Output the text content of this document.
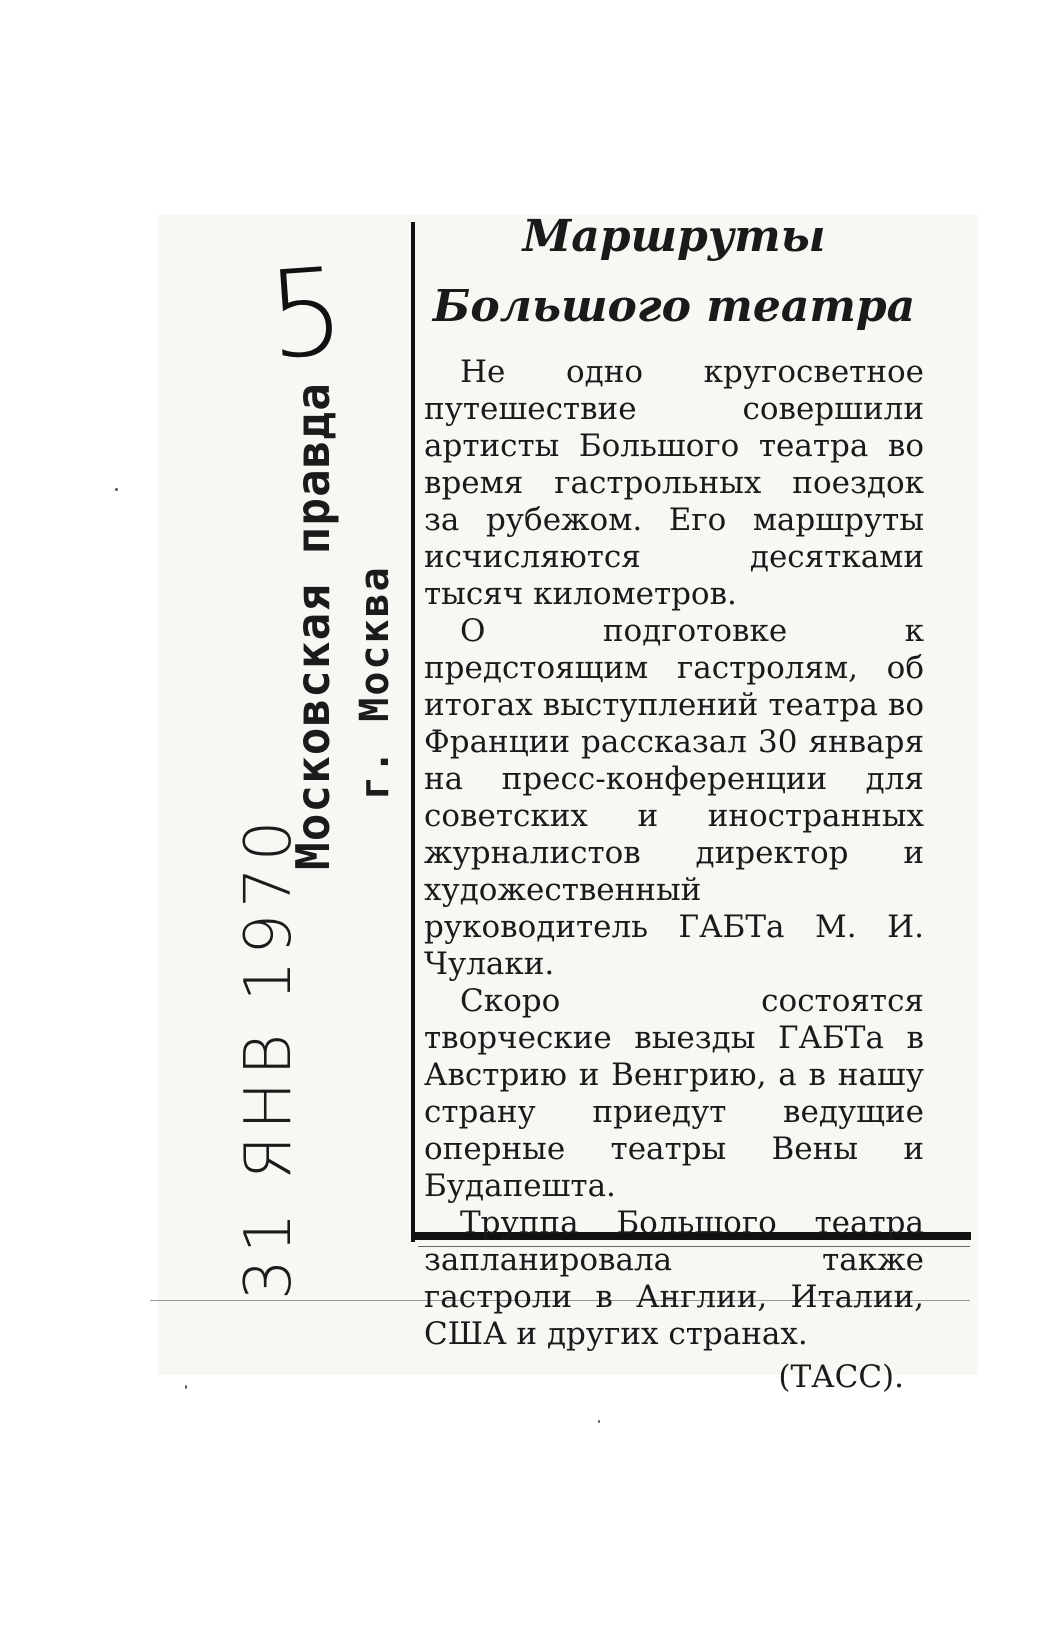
5
Московская правда г. Москва
31 ЯНВ 1970

Маршруты

Большого театра

Не одно кругосветное путешествие совершили артисты Большого театра во время гастрольных поездок за рубежом. Его маршруты исчисляются десятками тысяч километров.

О подготовке к предстоящим гастролям, об итогах выступлений театра во Франции рассказал 30 января на пресс-конференции для советских и иностранных журналистов директор и художественный руководитель ГАБТа М. И. Чулаки.

Скоро состоятся творческие выезды ГАБТа в Австрию и Венгрию, а в нашу страну приедут ведущие оперные театры Вены и Будапешта.

Труппа Большого театра запланировала также гастроли в Англии, Италии, США и других странах.

(ТАСС).
